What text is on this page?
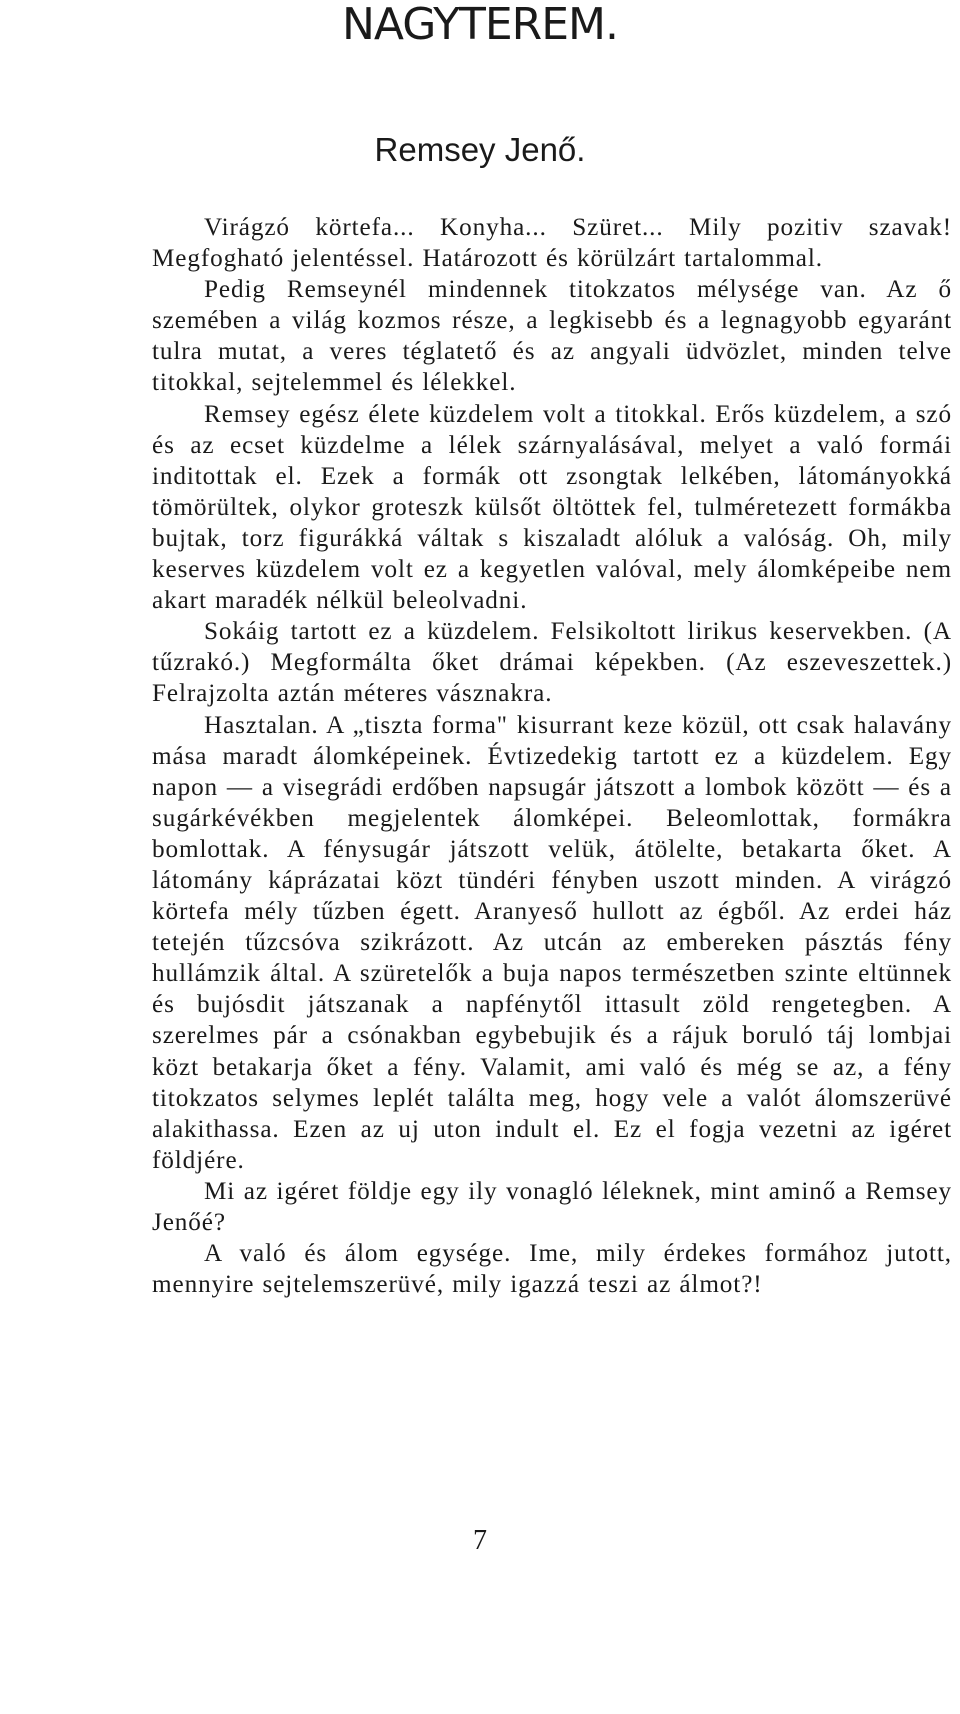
NAGYTEREM.
Remsey Jenő.

Virágzó körtefa... Konyha... Szüret... Mily pozitiv szavak! Megfogható jelentéssel. Határozott és körülzárt tartalommal.

Pedig Remseynél mindennek titokzatos mélysége van. Az ő szemében a világ kozmos része, a legkisebb és a legnagyobb egyaránt tulra mutat, a veres téglatető és az angyali üdvözlet, minden telve titokkal, sejtelemmel és lélekkel.

Remsey egész élete küzdelem volt a titokkal. Erős küzdelem, a szó és az ecset küzdelme a lélek szárnyalásával, melyet a való formái inditottak el. Ezek a formák ott zsongtak lelkében, látományokká tömörültek, olykor groteszk külsőt öltöttek fel, tulméretezett formákba bujtak, torz figurákká váltak s kiszaladt alóluk a valóság. Oh, mily keserves küzdelem volt ez a kegyetlen valóval, mely álomképeibe nem akart maradék nélkül beleolvadni.

Sokáig tartott ez a küzdelem. Felsikoltott lirikus keservekben. (A tűzrakó.) Megformálta őket drámai képekben. (Az eszeveszettek.) Felrajzolta aztán méteres vásznakra.

Hasztalan. A „tiszta forma" kisurrant keze közül, ott csak halavány mása maradt álomképeinek. Évtizedekig tartott ez a küzdelem. Egy napon — a visegrádi erdőben napsugár játszott a lombok között — és a sugárkévékben megjelentek álomképei. Beleomlottak, formákra bomlottak. A fénysugár játszott velük, átölelte, betakarta őket. A látomány káprázatai közt tündéri fényben uszott minden. A virágzó körtefa mély tűzben égett. Aranyeső hullott az égből. Az erdei ház tetején tűzcsóva szikrázott. Az utcán az embereken pásztás fény hullámzik által. A szüretelők a buja napos természetben szinte eltünnek és bujósdit játszanak a napfénytől ittasult zöld rengetegben. A szerelmes pár a csónakban egybebujik és a rájuk boruló táj lombjai közt betakarja őket a fény. Valamit, ami való és még se az, a fény titokzatos selymes leplét találta meg, hogy vele a valót álomszerüvé alakithassa. Ezen az uj uton indult el. Ez el fogja vezetni az igéret földjére.

Mi az igéret földje egy ily vonagló léleknek, mint aminő a Remsey Jenőé?

A való és álom egysége. Ime, mily érdekes formához jutott, mennyire sejtelemszerüvé, mily igazzá teszi az álmot?!

7
